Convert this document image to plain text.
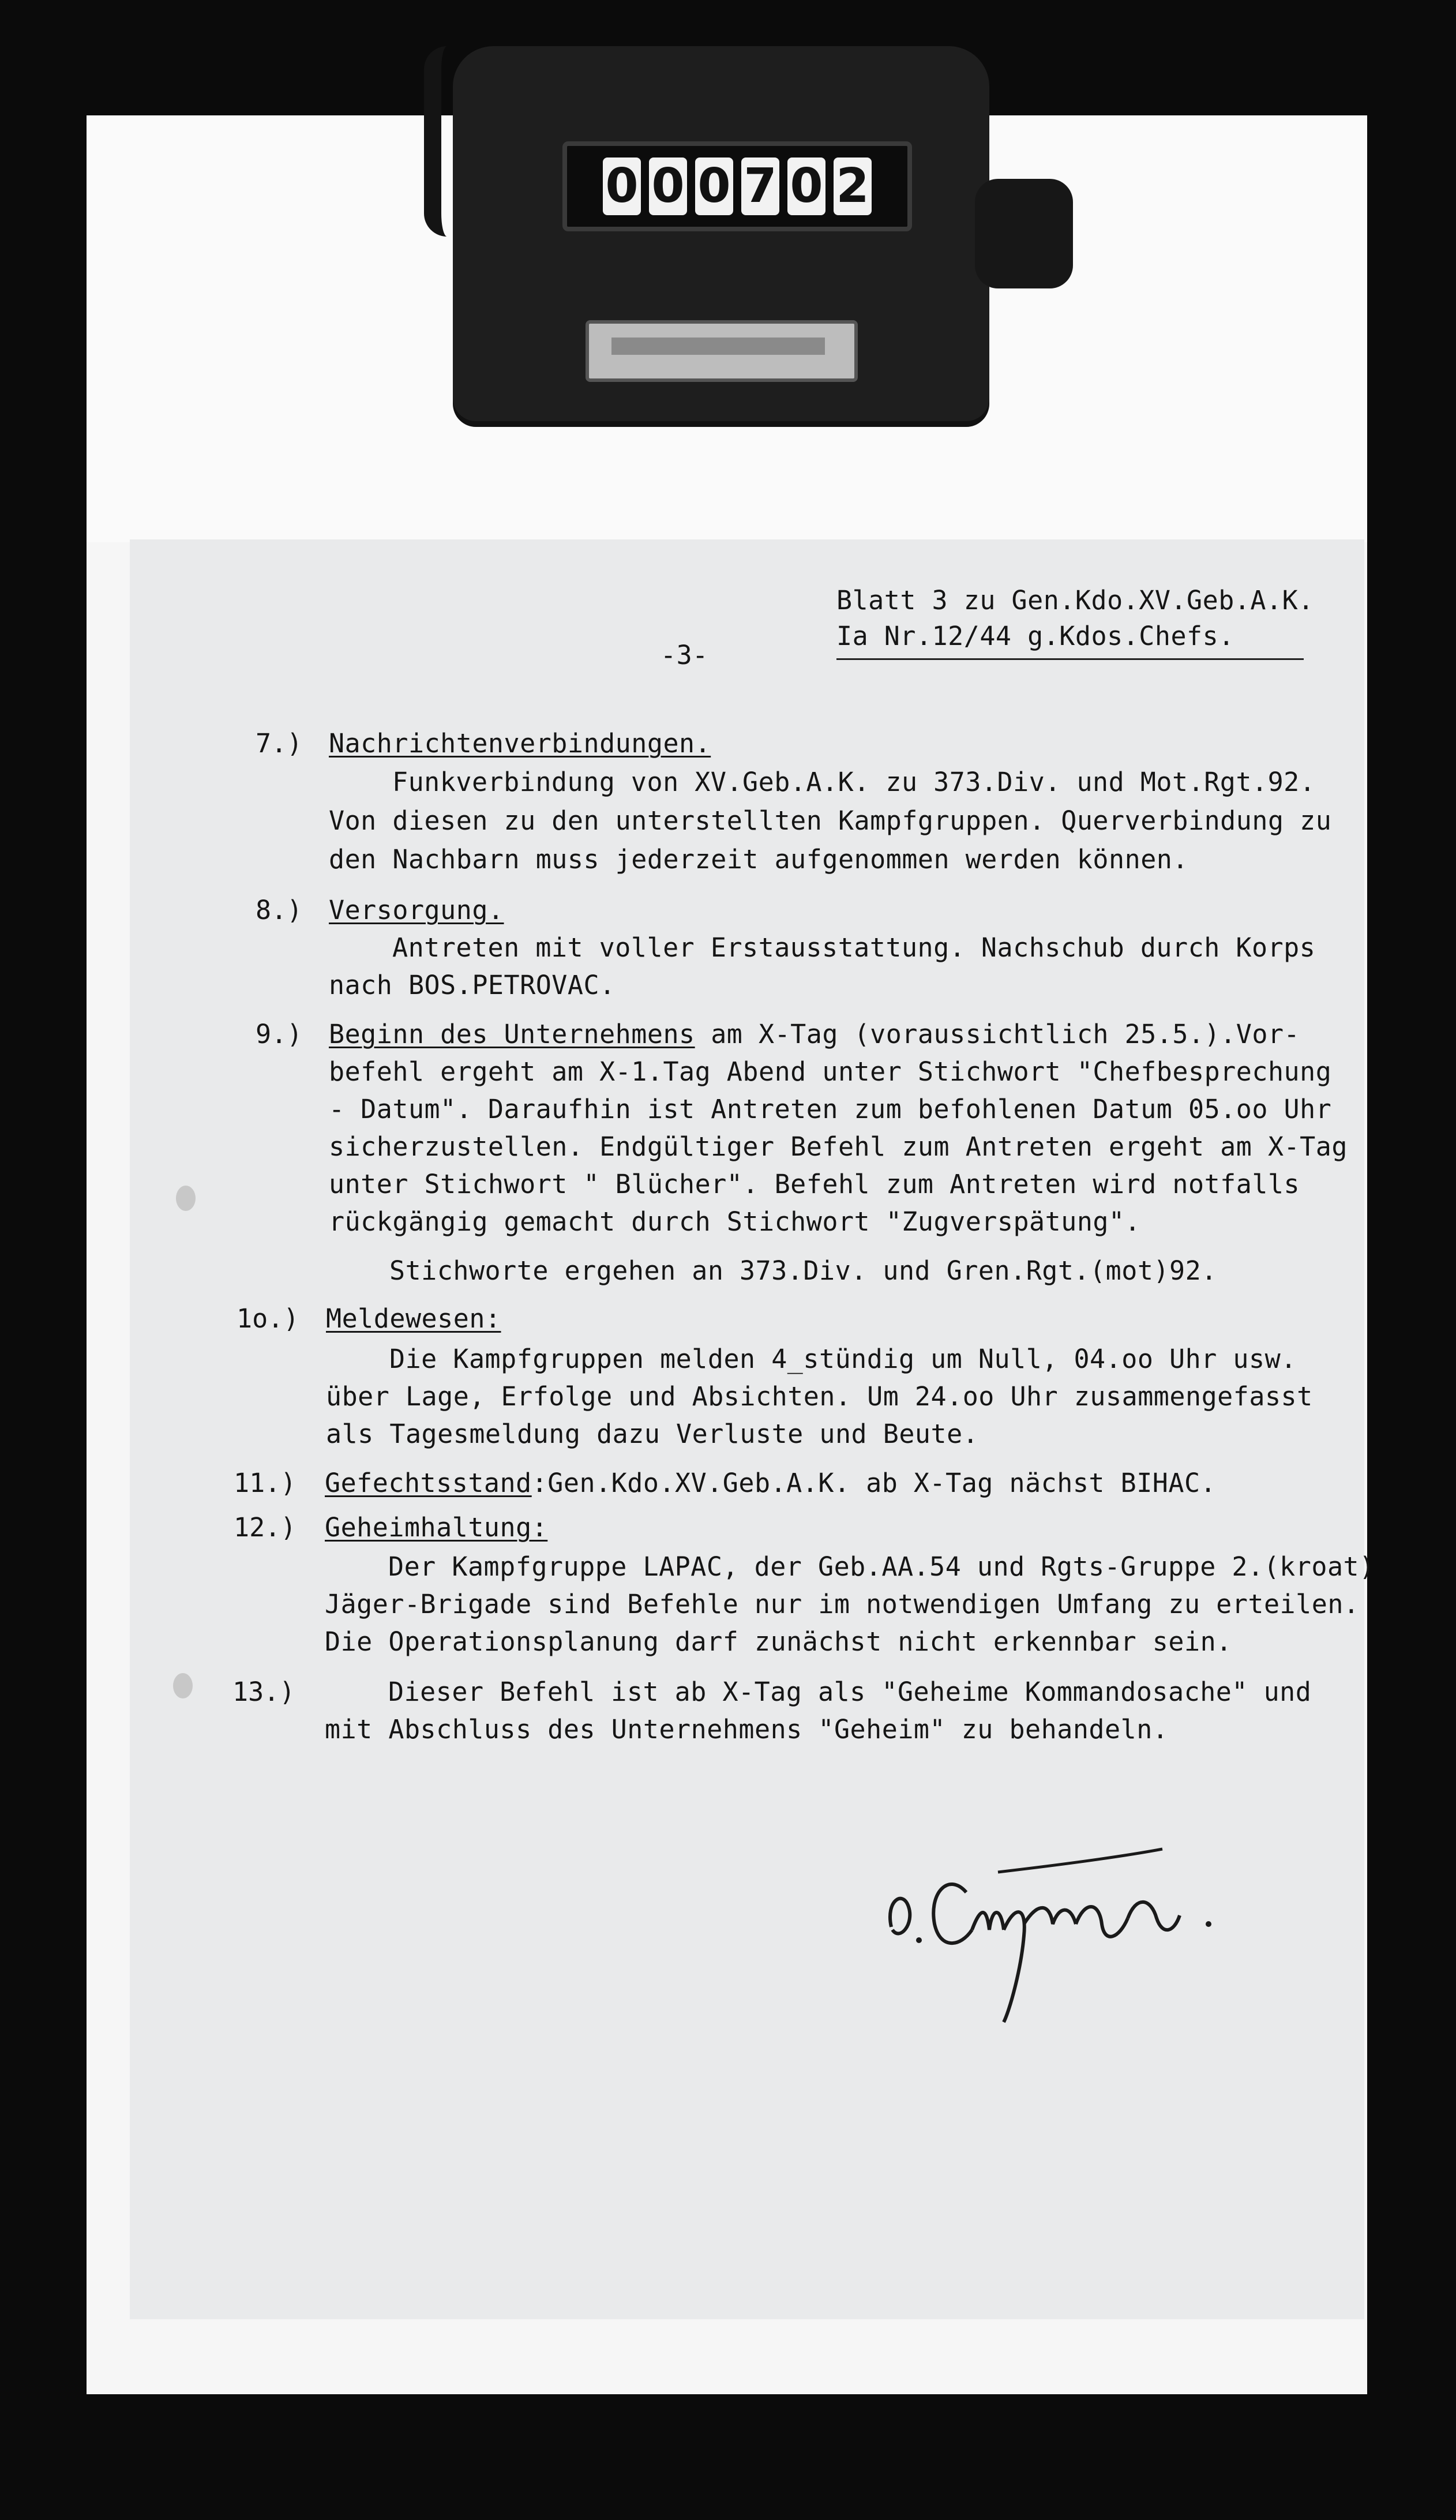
0 0 0 7 0 2
Blatt 3 zu Gen.Kdo.XV.Geb.A.K.
Ia Nr.12/44 g.Kdos.Chefs.
-3-
7.) Nachrichtenverbindungen.
Funkverbindung von XV.Geb.A.K. zu 373.Div. und Mot.Rgt.92.
Von diesen zu den unterstellten Kampfgruppen. Querverbindung zu
den Nachbarn muss jederzeit aufgenommen werden können.
8.) Versorgung.
Antreten mit voller Erstausstattung. Nachschub durch Korps
nach BOS.PETROVAC.
9.) Beginn des Unternehmens am X-Tag (voraussichtlich 25.5.).Vor-
befehl ergeht am X-1.Tag Abend unter Stichwort "Chefbesprechung
- Datum". Daraufhin ist Antreten zum befohlenen Datum 05.oo Uhr
sicherzustellen. Endgültiger Befehl zum Antreten ergeht am X-Tag
unter Stichwort " Blücher". Befehl zum Antreten wird notfalls
rückgängig gemacht durch Stichwort "Zugverspätung".
Stichworte ergehen an 373.Div. und Gren.Rgt.(mot)92.
1o.) Meldewesen:
Die Kampfgruppen melden 4_stündig um Null, 04.oo Uhr usw.
über Lage, Erfolge und Absichten. Um 24.oo Uhr zusammengefasst
als Tagesmeldung dazu Verluste und Beute.
11.) Gefechtsstand:Gen.Kdo.XV.Geb.A.K. ab X-Tag nächst BIHAC.
12.) Geheimhaltung:
Der Kampfgruppe LAPAC, der Geb.AA.54 und Rgts-Gruppe 2.(kroat)
Jäger-Brigade sind Befehle nur im notwendigen Umfang zu erteilen.
Die Operationsplanung darf zunächst nicht erkennbar sein.
13.)	Dieser Befehl ist ab X-Tag als "Geheime Kommandosache" und
mit Abschluss des Unternehmens "Geheim" zu behandeln.
